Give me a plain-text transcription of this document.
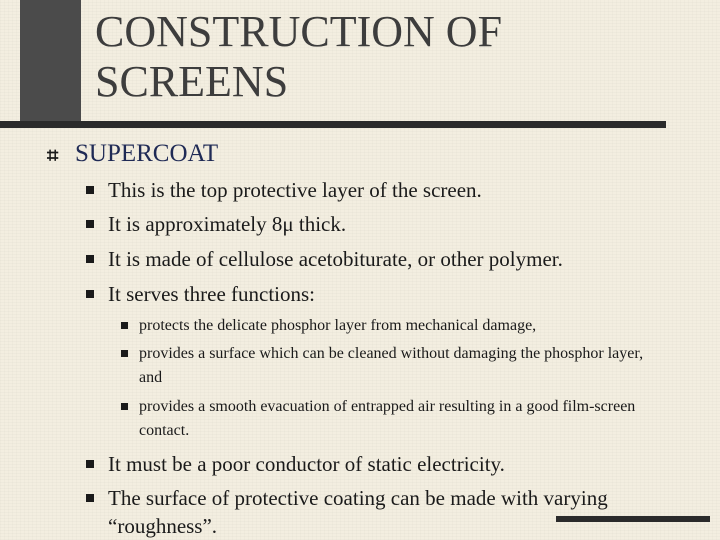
CONSTRUCTION OF
SCREENS
⌗ SUPERCOAT
This is the top protective layer of the screen.
It is approximately 8μ thick.
It is made of cellulose acetobiturate, or other polymer.
It serves three functions:
protects the delicate phosphor layer from mechanical damage,
provides a surface which can be cleaned without damaging the phosphor layer, and
provides a smooth evacuation of entrapped air resulting in a good film-screen contact.
It must be a poor conductor of static electricity.
The surface of protective coating can be made with varying “roughness”.
